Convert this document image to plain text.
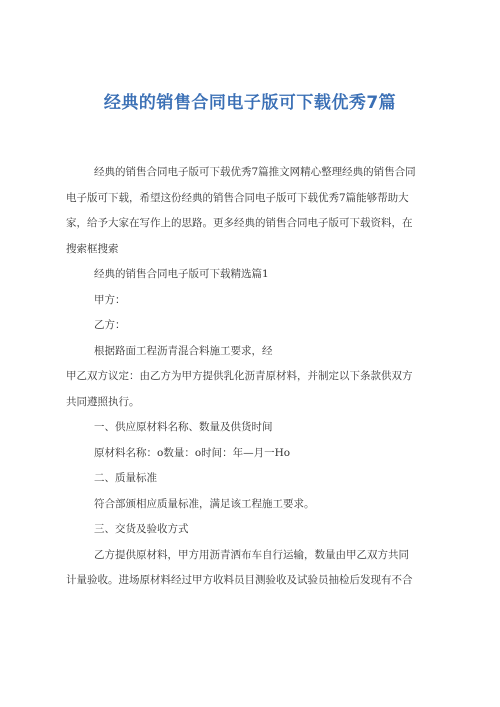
经典的销售合同电子版可下载优秀7篇

经典的销售合同电子版可下载优秀7篇推文网精心整理经典的销售合同

电子版可下载，希望这份经典的销售合同电子版可下载优秀7篇能够帮助大

家，给予大家在写作上的思路。更多经典的销售合同电子版可下载资料，在

搜索框搜索

经典的销售合同电子版可下载精选篇1

甲方：

乙方：

根据路面工程沥青混合料施工要求，经

甲乙双方议定：由乙方为甲方提供乳化沥青原材料，并制定以下条款供双方

共同遵照执行。

一、供应原材料名称、数量及供货时间

原材料名称：o数量：o时间：年—月一Ho

二、质量标准

符合部颁相应质量标准，满足该工程施工要求。

三、交货及验收方式

乙方提供原材料，甲方用沥青洒布车自行运输，数量由甲乙双方共同

计量验收。进场原材料经过甲方收料员目测验收及试验员抽检后发现有不合
